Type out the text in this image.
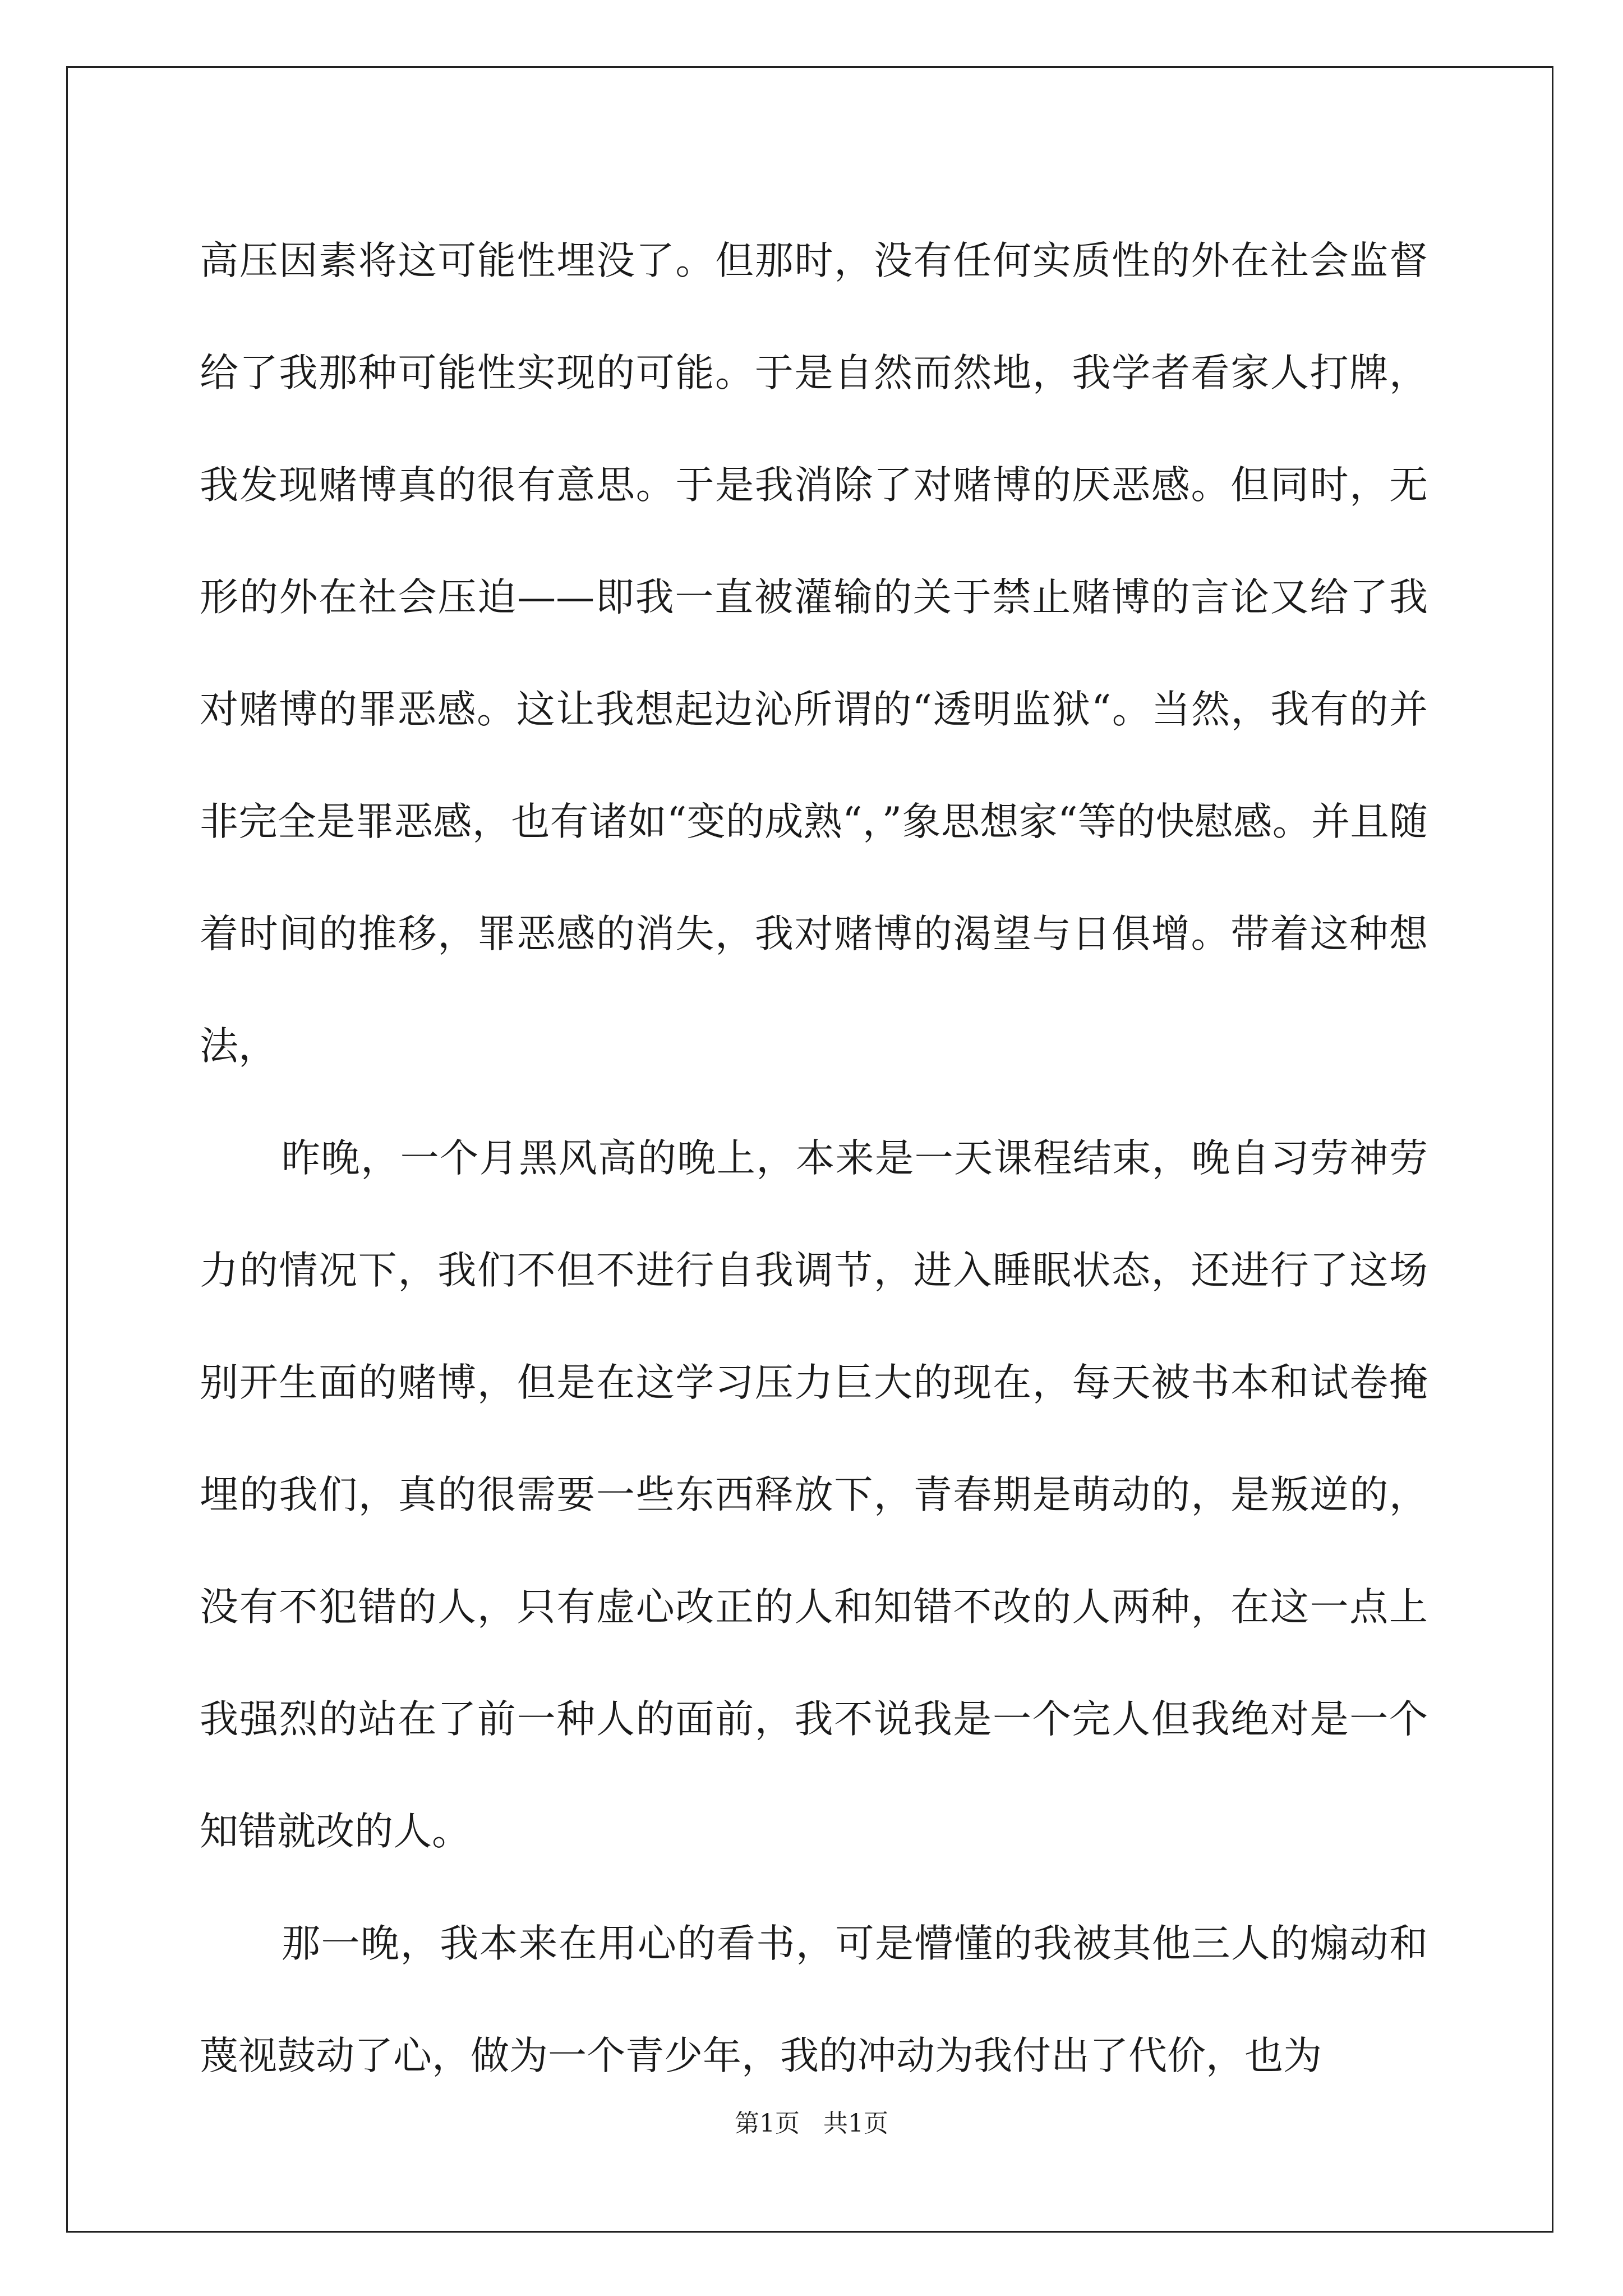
高压因素将这可能性埋没了。但那时，没有任何实质性的外在社会监督给了我那种可能性实现的可能。于是自然而然地，我学者看家人打牌，我发现赌博真的很有意思。于是我消除了对赌博的厌恶感。但同时，无形的外在社会压迫——即我一直被灌输的关于禁止赌博的言论又给了我对赌博的罪恶感。这让我想起边沁所谓的“透明监狱“。当然，我有的并非完全是罪恶感，也有诸如“变的成熟“，”象思想家“等的快慰感。并且随着时间的推移，罪恶感的消失，我对赌博的渴望与日俱增。带着这种想法，

昨晚，一个月黑风高的晚上，本来是一天课程结束，晚自习劳神劳力的情况下，我们不但不进行自我调节，进入睡眠状态，还进行了这场别开生面的赌博，但是在这学习压力巨大的现在，每天被书本和试卷掩埋的我们，真的很需要一些东西释放下，青春期是萌动的，是叛逆的，没有不犯错的人，只有虚心改正的人和知错不改的人两种，在这一点上我强烈的站在了前一种人的面前，我不说我是一个完人但我绝对是一个知错就改的人。

那一晚，我本来在用心的看书，可是懵懂的我被其他三人的煽动和蔑视鼓动了心，做为一个青少年，我的冲动为我付出了代价，也为

第1页 共1页
